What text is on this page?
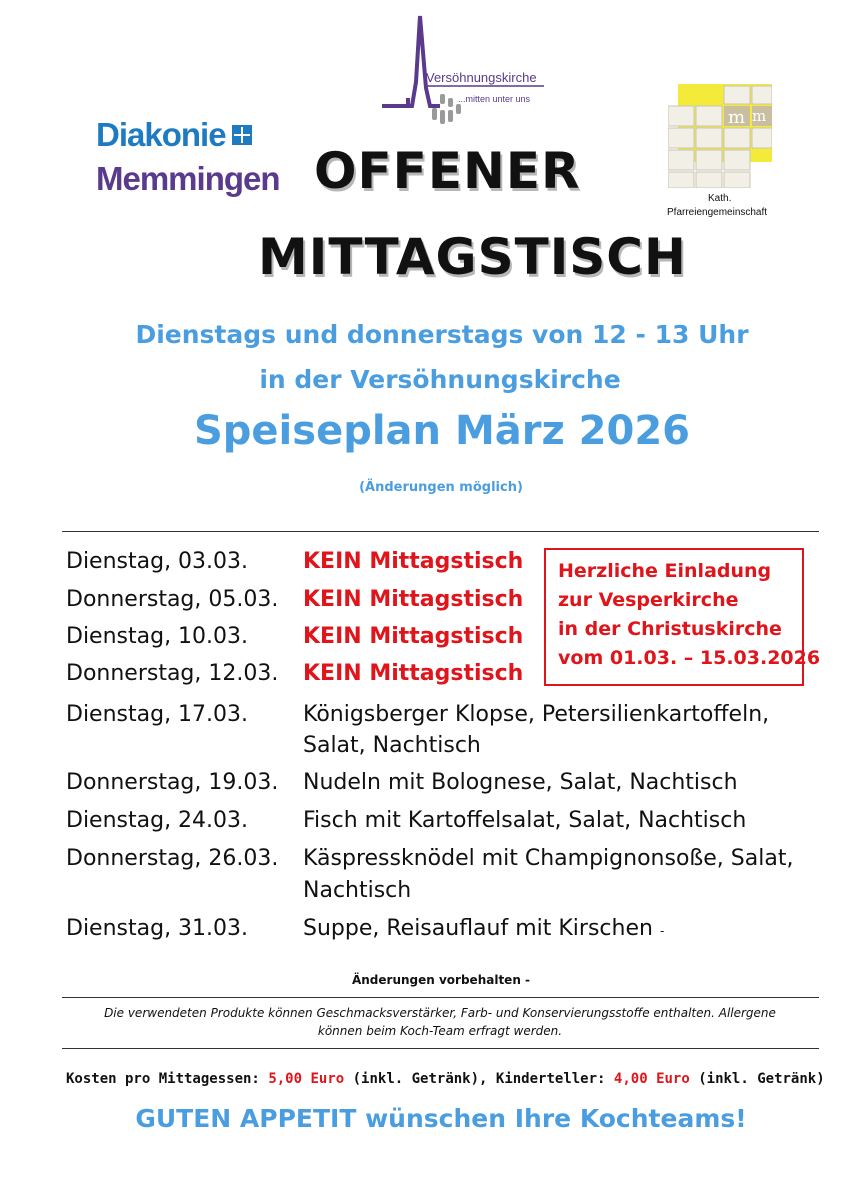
Diakonie
Memmingen
Versöhnungskirche
...mitten unter uns
m m
Kath.
Pfarreiengemeinschaft
OFFENER
MITTAGSTISCH
Dienstags und donnerstags von 12 - 13 Uhr
in der Versöhnungskirche
Speiseplan März 2026
(Änderungen möglich)
Dienstag, 03.03. KEIN Mittagstisch
Donnerstag, 05.03. KEIN Mittagstisch
Dienstag, 10.03. KEIN Mittagstisch
Donnerstag, 12.03. KEIN Mittagstisch
Dienstag, 17.03. Königsberger Klopse, Petersilienkartoffeln,
Salat, Nachtisch
Donnerstag, 19.03. Nudeln mit Bolognese, Salat, Nachtisch
Dienstag, 24.03. Fisch mit Kartoffelsalat, Salat, Nachtisch
Donnerstag, 26.03. Käspressknödel mit Champignonsoße, Salat,
Nachtisch
Dienstag, 31.03. Suppe, Reisauflauf mit Kirschen -
Herzliche Einladung
zur Vesperkirche
in der Christuskirche
vom 01.03. – 15.03.2026
Änderungen vorbehalten -
Die verwendeten Produkte können Geschmacksverstärker, Farb- und Konservierungsstoffe enthalten. Allergene
können beim Koch-Team erfragt werden.
Kosten pro Mittagessen: 5,00 Euro (inkl. Getränk), Kinderteller: 4,00 Euro (inkl. Getränk)
GUTEN APPETIT wünschen Ihre Kochteams!
